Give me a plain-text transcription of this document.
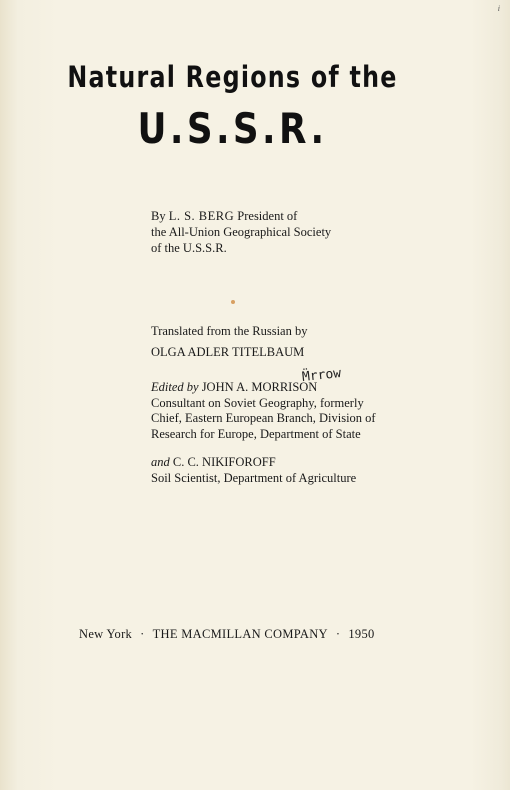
i
Natural Regions of the
U.S.S.R.
By L. S. BERG President of
the All-Union Geographical Society
of the U.S.S.R.
Translated from the Russian by
OLGA ADLER TITELBAUM
M̈rrow
Edited by JOHN A. MORRISON
Consultant on Soviet Geography, formerly
Chief, Eastern European Branch, Division of
Research for Europe, Department of State
and C. C. NIKIFOROFF
Soil Scientist, Department of Agriculture
New York · THE MACMILLAN COMPANY · 1950
